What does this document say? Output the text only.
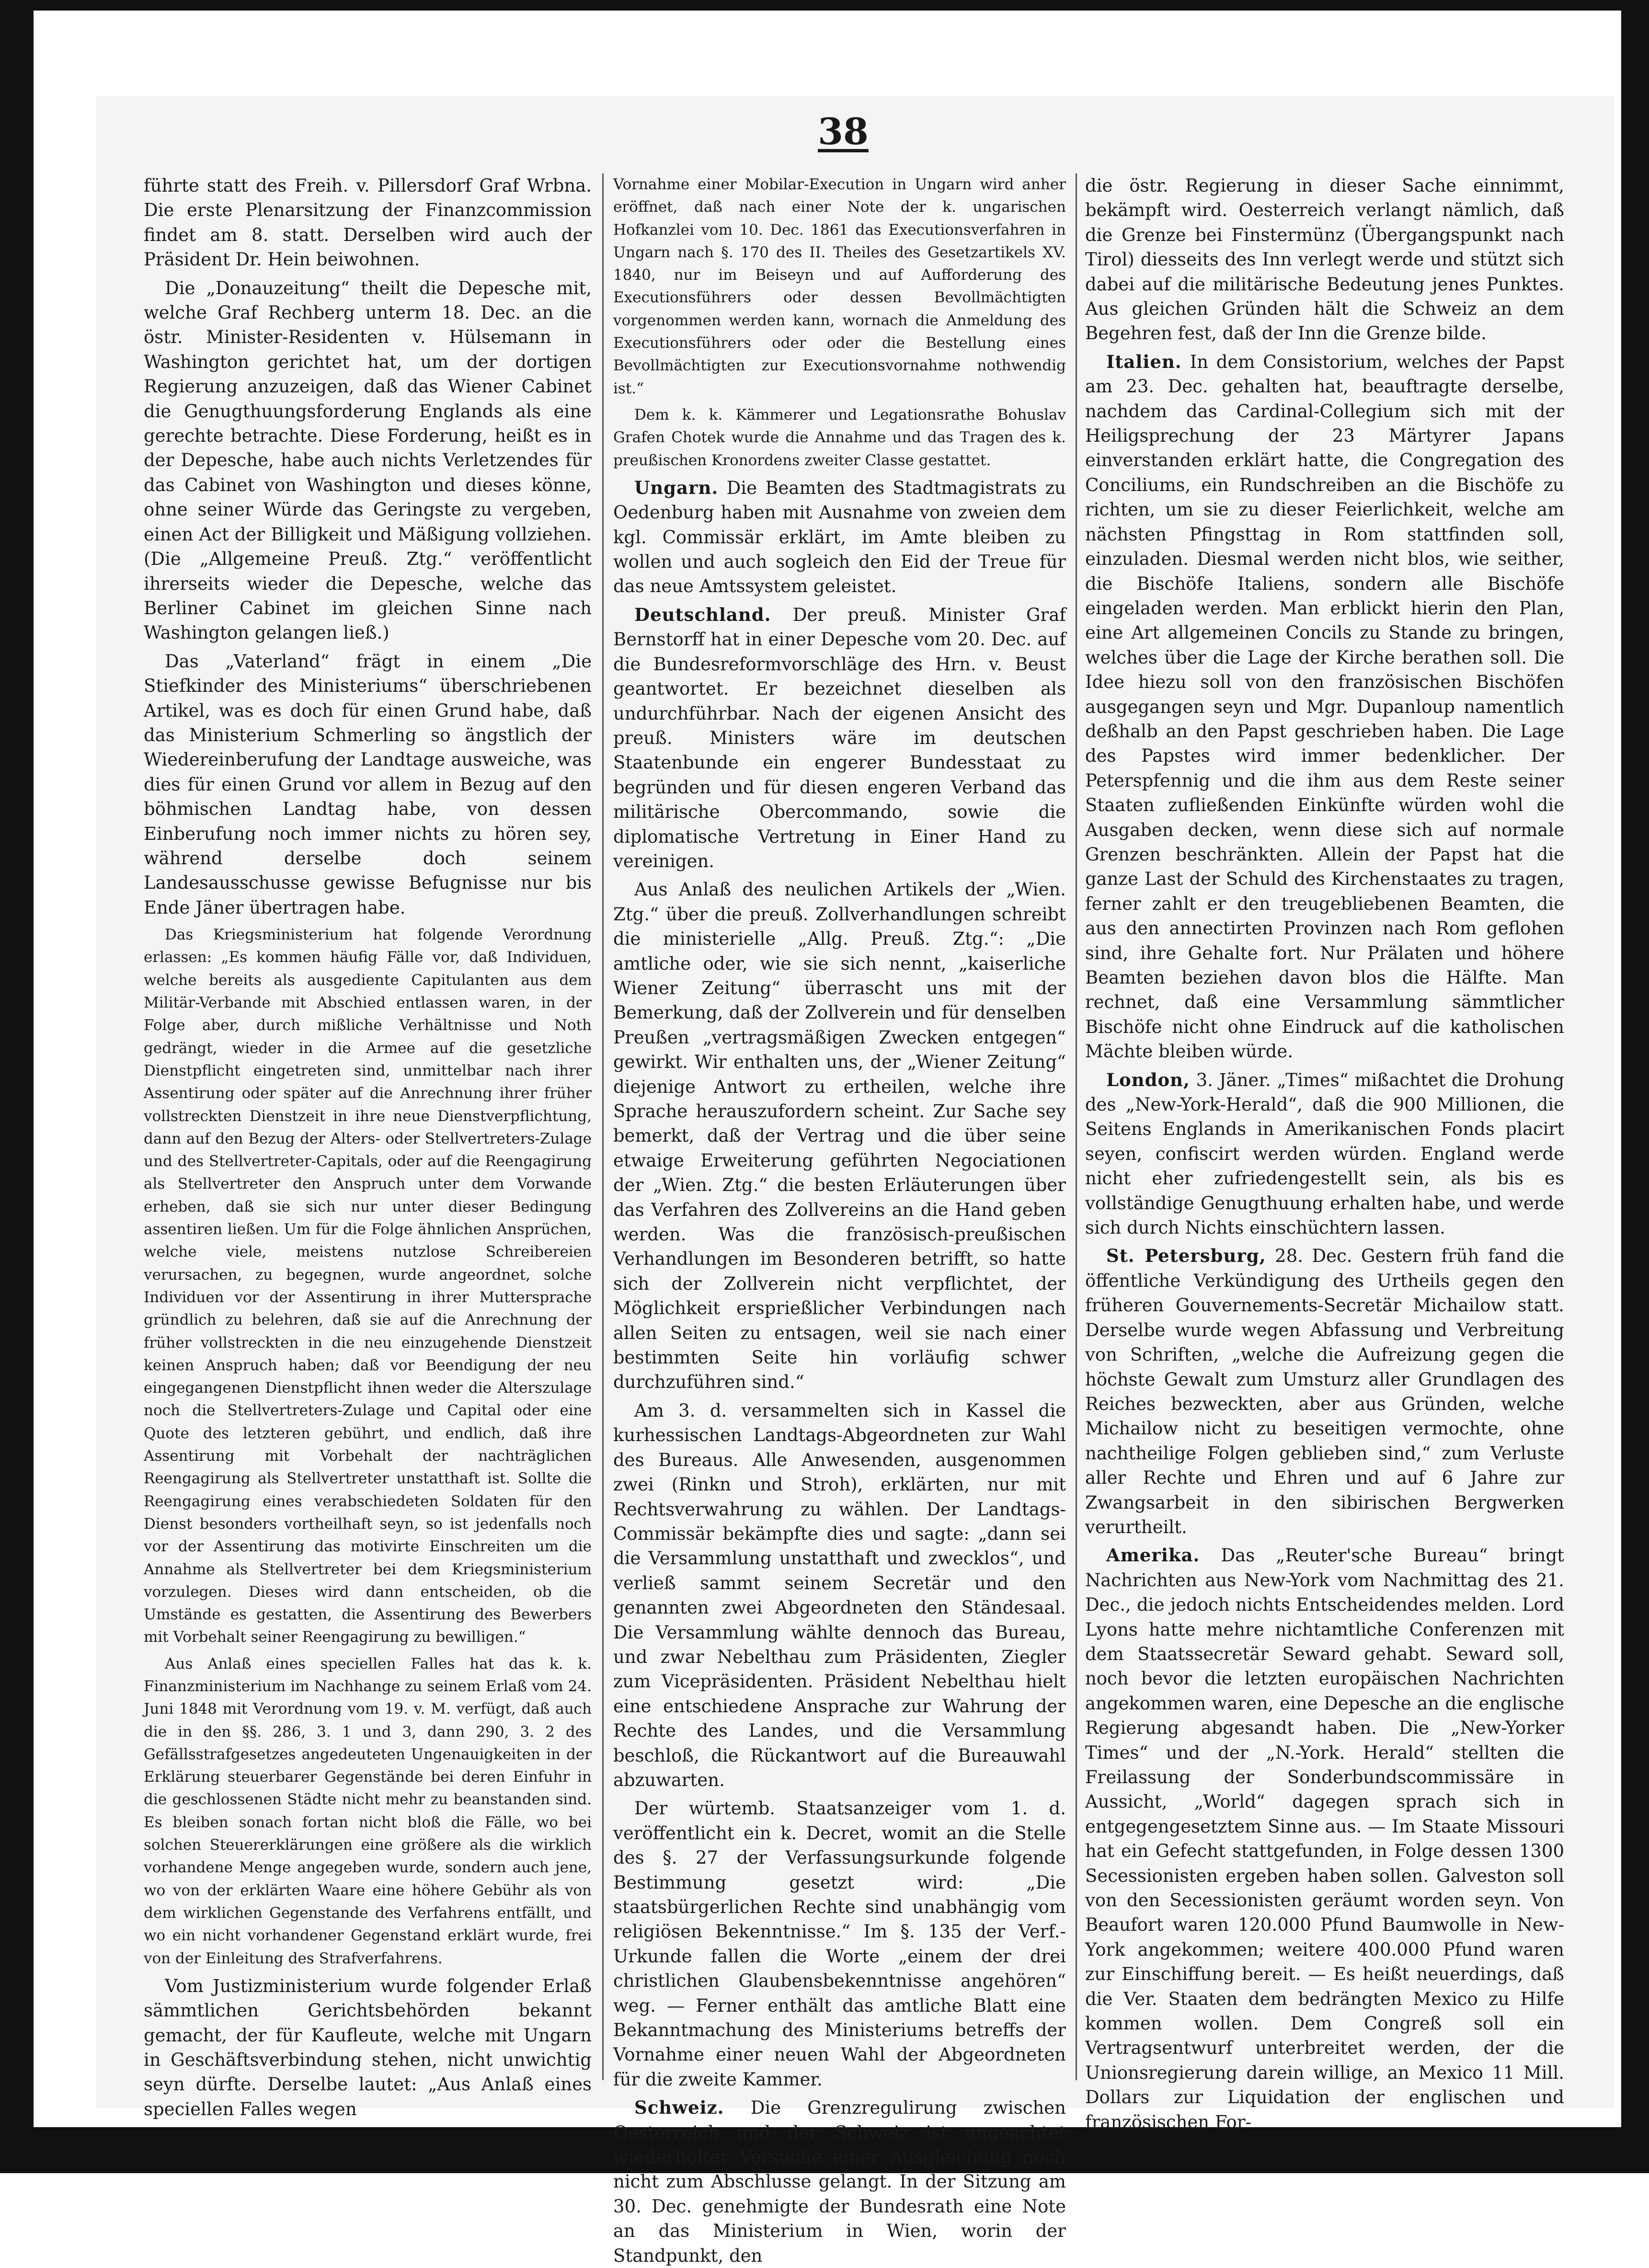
38

führte statt des Freih. v. Pillersdorf Graf Wrbna. Die erste Plenarsitzung der Finanzcommission findet am 8. statt. Derselben wird auch der Präsident Dr. Hein beiwohnen.

Die „Donauzeitung“ theilt die Depesche mit, welche Graf Rechberg unterm 18. Dec. an die östr. Minister-Residenten v. Hülsemann in Washington gerichtet hat, um der dortigen Regierung anzuzeigen, daß das Wiener Cabinet die Genugthuungsforderung Englands als eine gerechte betrachte. Diese Forderung, heißt es in der Depesche, habe auch nichts Verletzendes für das Cabinet von Washington und dieses könne, ohne seiner Würde das Geringste zu vergeben, einen Act der Billigkeit und Mäßigung vollziehen. (Die „Allgemeine Preuß. Ztg.“ veröffentlicht ihrerseits wieder die Depesche, welche das Berliner Cabinet im gleichen Sinne nach Washington gelangen ließ.)

Das „Vaterland“ frägt in einem „Die Stiefkinder des Ministeriums“ überschriebenen Artikel, was es doch für einen Grund habe, daß das Ministerium Schmerling so ängstlich der Wiedereinberufung der Landtage ausweiche, was dies für einen Grund vor allem in Bezug auf den böhmischen Landtag habe, von dessen Einberufung noch immer nichts zu hören sey, während derselbe doch seinem Landesausschusse gewisse Befugnisse nur bis Ende Jäner übertragen habe.

Das Kriegsministerium hat folgende Verordnung erlassen: „Es kommen häufig Fälle vor, daß Individuen, welche bereits als ausgediente Capitulanten aus dem Militär-Verbande mit Abschied entlassen waren, in der Folge aber, durch mißliche Verhältnisse und Noth gedrängt, wieder in die Armee auf die gesetzliche Dienstpflicht eingetreten sind, unmittelbar nach ihrer Assentirung oder später auf die Anrechnung ihrer früher vollstreckten Dienstzeit in ihre neue Dienstverpflichtung, dann auf den Bezug der Alters- oder Stellvertreters-Zulage und des Stellvertreter-Capitals, oder auf die Reengagirung als Stellvertreter den Anspruch unter dem Vorwande erheben, daß sie sich nur unter dieser Bedingung assentiren ließen. Um für die Folge ähnlichen Ansprüchen, welche viele, meistens nutzlose Schreibereien verursachen, zu begegnen, wurde angeordnet, solche Individuen vor der Assentirung in ihrer Muttersprache gründlich zu belehren, daß sie auf die Anrechnung der früher vollstreckten in die neu einzugehende Dienstzeit keinen Anspruch haben; daß vor Beendigung der neu eingegangenen Dienstpflicht ihnen weder die Alterszulage noch die Stellvertreters-Zulage und Capital oder eine Quote des letzteren gebührt, und endlich, daß ihre Assentirung mit Vorbehalt der nachträglichen Reengagirung als Stellvertreter unstatthaft ist. Sollte die Reengagirung eines verabschiedeten Soldaten für den Dienst besonders vortheilhaft seyn, so ist jedenfalls noch vor der Assentirung das motivirte Einschreiten um die Annahme als Stellvertreter bei dem Kriegsministerium vorzulegen. Dieses wird dann entscheiden, ob die Umstände es gestatten, die Assentirung des Bewerbers mit Vorbehalt seiner Reengagirung zu bewilligen.“

Aus Anlaß eines speciellen Falles hat das k. k. Finanzministerium im Nachhange zu seinem Erlaß vom 24. Juni 1848 mit Verordnung vom 19. v. M. verfügt, daß auch die in den §§. 286, 3. 1 und 3, dann 290, 3. 2 des Gefällsstrafgesetzes angedeuteten Ungenauigkeiten in der Erklärung steuerbarer Gegenstände bei deren Einfuhr in die geschlossenen Städte nicht mehr zu beanstanden sind. Es bleiben sonach fortan nicht bloß die Fälle, wo bei solchen Steuererklärungen eine größere als die wirklich vorhandene Menge angegeben wurde, sondern auch jene, wo von der erklärten Waare eine höhere Gebühr als von dem wirklichen Gegenstande des Verfahrens entfällt, und wo ein nicht vorhandener Gegenstand erklärt wurde, frei von der Einleitung des Strafverfahrens.

Vom Justizministerium wurde folgender Erlaß sämmtlichen Gerichtsbehörden bekannt gemacht, der für Kaufleute, welche mit Ungarn in Geschäftsverbindung stehen, nicht unwichtig seyn dürfte. Derselbe lautet: „Aus Anlaß eines speciellen Falles wegen

Vornahme einer Mobilar-Execution in Ungarn wird anher eröffnet, daß nach einer Note der k. ungarischen Hofkanzlei vom 10. Dec. 1861 das Executionsverfahren in Ungarn nach §. 170 des II. Theiles des Gesetzartikels XV. 1840, nur im Beiseyn und auf Aufforderung des Executionsführers oder dessen Bevollmächtigten vorgenommen werden kann, wornach die Anmeldung des Executionsführers oder oder die Bestellung eines Bevollmächtigten zur Executionsvornahme nothwendig ist.“

Dem k. k. Kämmerer und Legationsrathe Bohuslav Grafen Chotek wurde die Annahme und das Tragen des k. preußischen Kronordens zweiter Classe gestattet.

Ungarn. Die Beamten des Stadtmagistrats zu Oedenburg haben mit Ausnahme von zweien dem kgl. Commissär erklärt, im Amte bleiben zu wollen und auch sogleich den Eid der Treue für das neue Amtssystem geleistet.

Deutschland. Der preuß. Minister Graf Bernstorff hat in einer Depesche vom 20. Dec. auf die Bundesreformvorschläge des Hrn. v. Beust geantwortet. Er bezeichnet dieselben als undurchführbar. Nach der eigenen Ansicht des preuß. Ministers wäre im deutschen Staatenbunde ein engerer Bundesstaat zu begründen und für diesen engeren Verband das militärische Obercommando, sowie die diplomatische Vertretung in Einer Hand zu vereinigen.

Aus Anlaß des neulichen Artikels der „Wien. Ztg.“ über die preuß. Zollverhandlungen schreibt die ministerielle „Allg. Preuß. Ztg.“: „Die amtliche oder, wie sie sich nennt, „kaiserliche Wiener Zeitung“ überrascht uns mit der Bemerkung, daß der Zollverein und für denselben Preußen „vertragsmäßigen Zwecken entgegen“ gewirkt. Wir enthalten uns, der „Wiener Zeitung“ diejenige Antwort zu ertheilen, welche ihre Sprache herauszufordern scheint. Zur Sache sey bemerkt, daß der Vertrag und die über seine etwaige Erweiterung geführten Negociationen der „Wien. Ztg.“ die besten Erläuterungen über das Verfahren des Zollvereins an die Hand geben werden. Was die französisch-preußischen Verhandlungen im Besonderen betrifft, so hatte sich der Zollverein nicht verpflichtet, der Möglichkeit ersprießlicher Verbindungen nach allen Seiten zu entsagen, weil sie nach einer bestimmten Seite hin vorläufig schwer durchzuführen sind.“

Am 3. d. versammelten sich in Kassel die kurhessischen Landtags-Abgeordneten zur Wahl des Bureaus. Alle Anwesenden, ausgenommen zwei (Rinkn und Stroh), erklärten, nur mit Rechtsverwahrung zu wählen. Der Landtags-Commissär bekämpfte dies und sagte: „dann sei die Versammlung unstatthaft und zwecklos“, und verließ sammt seinem Secretär und den genannten zwei Abgeordneten den Ständesaal. Die Versammlung wählte dennoch das Bureau, und zwar Nebelthau zum Präsidenten, Ziegler zum Vicepräsidenten. Präsident Nebelthau hielt eine entschiedene Ansprache zur Wahrung der Rechte des Landes, und die Versammlung beschloß, die Rückantwort auf die Bureauwahl abzuwarten.

Der würtemb. Staatsanzeiger vom 1. d. veröffentlicht ein k. Decret, womit an die Stelle des §. 27 der Verfassungsurkunde folgende Bestimmung gesetzt wird: „Die staatsbürgerlichen Rechte sind unabhängig vom religiösen Bekenntnisse.“ Im §. 135 der Verf.-Urkunde fallen die Worte „einem der drei christlichen Glaubensbekenntnisse angehören“ weg. — Ferner enthält das amtliche Blatt eine Bekanntmachung des Ministeriums betreffs der Vornahme einer neuen Wahl der Abgeordneten für die zweite Kammer.

Schweiz. Die Grenzregulirung zwischen Oesterreich und der Schweiz ist ungeachtet wiederholter Versuche einer Ausgleichung noch nicht zum Abschlusse gelangt. In der Sitzung am 30. Dec. genehmigte der Bundesrath eine Note an das Ministerium in Wien, worin der Standpunkt, den

die östr. Regierung in dieser Sache einnimmt, bekämpft wird. Oesterreich verlangt nämlich, daß die Grenze bei Finstermünz (Übergangspunkt nach Tirol) diesseits des Inn verlegt werde und stützt sich dabei auf die militärische Bedeutung jenes Punktes. Aus gleichen Gründen hält die Schweiz an dem Begehren fest, daß der Inn die Grenze bilde.

Italien. In dem Consistorium, welches der Papst am 23. Dec. gehalten hat, beauftragte derselbe, nachdem das Cardinal-Collegium sich mit der Heiligsprechung der 23 Märtyrer Japans einverstanden erklärt hatte, die Congregation des Conciliums, ein Rundschreiben an die Bischöfe zu richten, um sie zu dieser Feierlichkeit, welche am nächsten Pfingsttag in Rom stattfinden soll, einzuladen. Diesmal werden nicht blos, wie seither, die Bischöfe Italiens, sondern alle Bischöfe eingeladen werden. Man erblickt hierin den Plan, eine Art allgemeinen Concils zu Stande zu bringen, welches über die Lage der Kirche berathen soll. Die Idee hiezu soll von den französischen Bischöfen ausgegangen seyn und Mgr. Dupanloup namentlich deßhalb an den Papst geschrieben haben. Die Lage des Papstes wird immer bedenklicher. Der Peterspfennig und die ihm aus dem Reste seiner Staaten zufließenden Einkünfte würden wohl die Ausgaben decken, wenn diese sich auf normale Grenzen beschränkten. Allein der Papst hat die ganze Last der Schuld des Kirchenstaates zu tragen, ferner zahlt er den treugebliebenen Beamten, die aus den annectirten Provinzen nach Rom geflohen sind, ihre Gehalte fort. Nur Prälaten und höhere Beamten beziehen davon blos die Hälfte. Man rechnet, daß eine Versammlung sämmtlicher Bischöfe nicht ohne Eindruck auf die katholischen Mächte bleiben würde.

London, 3. Jäner. „Times“ mißachtet die Drohung des „New-York-Herald“, daß die 900 Millionen, die Seitens Englands in Amerikanischen Fonds placirt seyen, confiscirt werden würden. England werde nicht eher zufriedengestellt sein, als bis es vollständige Genugthuung erhalten habe, und werde sich durch Nichts einschüchtern lassen.

St. Petersburg, 28. Dec. Gestern früh fand die öffentliche Verkündigung des Urtheils gegen den früheren Gouvernements-Secretär Michailow statt. Derselbe wurde wegen Abfassung und Verbreitung von Schriften, „welche die Aufreizung gegen die höchste Gewalt zum Umsturz aller Grundlagen des Reiches bezweckten, aber aus Gründen, welche Michailow nicht zu beseitigen vermochte, ohne nachtheilige Folgen geblieben sind,“ zum Verluste aller Rechte und Ehren und auf 6 Jahre zur Zwangsarbeit in den sibirischen Bergwerken verurtheilt.

Amerika. Das „Reuter'sche Bureau“ bringt Nachrichten aus New-York vom Nachmittag des 21. Dec., die jedoch nichts Entscheidendes melden. Lord Lyons hatte mehre nichtamtliche Conferenzen mit dem Staatssecretär Seward gehabt. Seward soll, noch bevor die letzten europäischen Nachrichten angekommen waren, eine Depesche an die englische Regierung abgesandt haben. Die „New-Yorker Times“ und der „N.-York. Herald“ stellten die Freilassung der Sonderbundscommissäre in Aussicht, „World“ dagegen sprach sich in entgegengesetztem Sinne aus. — Im Staate Missouri hat ein Gefecht stattgefunden, in Folge dessen 1300 Secessionisten ergeben haben sollen. Galveston soll von den Secessionisten geräumt worden seyn. Von Beaufort waren 120.000 Pfund Baumwolle in New-York angekommen; weitere 400.000 Pfund waren zur Einschiffung bereit. — Es heißt neuerdings, daß die Ver. Staaten dem bedrängten Mexico zu Hilfe kommen wollen. Dem Congreß soll ein Vertragsentwurf unterbreitet werden, der die Unionsregierung darein willige, an Mexico 11 Mill. Dollars zur Liquidation der englischen und französischen For-
